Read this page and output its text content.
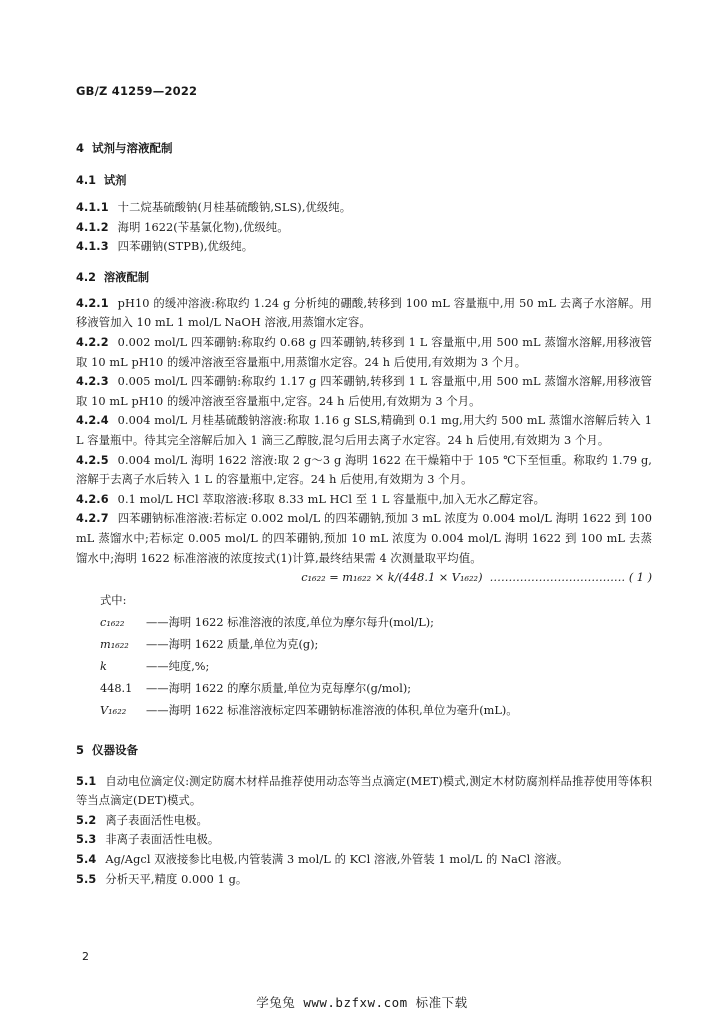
GB/Z 41259—2022
4  试剂与溶液配制
4.1  试剂

4.1.1 十二烷基硫酸钠(月桂基硫酸钠,SLS),优级纯。

4.1.2 海明 1622(苄基氯化物),优级纯。

4.1.3 四苯硼钠(STPB),优级纯。

4.2  溶液配制

4.2.1 pH10 的缓冲溶液:称取约 1.24 g 分析纯的硼酸,转移到 100 mL 容量瓶中,用 50 mL 去离子水溶解。用移液管加入 10 mL 1 mol/L NaOH 溶液,用蒸馏水定容。

4.2.2 0.002 mol/L 四苯硼钠:称取约 0.68 g 四苯硼钠,转移到 1 L 容量瓶中,用 500 mL 蒸馏水溶解,用移液管取 10 mL pH10 的缓冲溶液至容量瓶中,用蒸馏水定容。24 h 后使用,有效期为 3 个月。

4.2.3 0.005 mol/L 四苯硼钠:称取约 1.17 g 四苯硼钠,转移到 1 L 容量瓶中,用 500 mL 蒸馏水溶解,用移液管取 10 mL pH10 的缓冲溶液至容量瓶中,定容。24 h 后使用,有效期为 3 个月。

4.2.4 0.004 mol/L 月桂基硫酸钠溶液:称取 1.16 g SLS,精确到 0.1 mg,用大约 500 mL 蒸馏水溶解后转入 1 L 容量瓶中。待其完全溶解后加入 1 滴三乙醇胺,混匀后用去离子水定容。24 h 后使用,有效期为 3 个月。

4.2.5 0.004 mol/L 海明 1622 溶液:取 2 g～3 g 海明 1622 在干燥箱中于 105 ℃下至恒重。称取约 1.79 g,溶解于去离子水后转入 1 L 的容量瓶中,定容。24 h 后使用,有效期为 3 个月。

4.2.6 0.1 mol/L HCl 萃取溶液:移取 8.33 mL HCl 至 1 L 容量瓶中,加入无水乙醇定容。

4.2.7 四苯硼钠标准溶液:若标定 0.002 mol/L 的四苯硼钠,预加 3 mL 浓度为 0.004 mol/L 海明 1622 到 100 mL 蒸馏水中;若标定 0.005 mol/L 的四苯硼钠,预加 10 mL 浓度为 0.004 mol/L 海明 1622 到 100 mL 去蒸馏水中;海明 1622 标准溶液的浓度按式(1)计算,最终结果需 4 次测量取平均值。

c₁₆₂₂ = m₁₆₂₂ × k/(448.1 × V₁₆₂₂)  ……………………………… ( 1 )

式中:

c₁₆₂₂ ——海明 1622 标准溶液的浓度,单位为摩尔每升(mol/L);

m₁₆₂₂ ——海明 1622 质量,单位为克(g);

k	——纯度,%;

448.1 ——海明 1622 的摩尔质量,单位为克每摩尔(g/mol);

V₁₆₂₂ ——海明 1622 标准溶液标定四苯硼钠标准溶液的体积,单位为毫升(mL)。

5  仪器设备

5.1 自动电位滴定仪:测定防腐木材样品推荐使用动态等当点滴定(MET)模式,测定木材防腐剂样品推荐使用等体积等当点滴定(DET)模式。

5.2 离子表面活性电极。

5.3 非离子表面活性电极。

5.4 Ag/Agcl 双液接参比电极,内管装满 3 mol/L 的 KCl 溶液,外管装 1 mol/L 的 NaCl 溶液。

5.5 分析天平,精度 0.000 1 g。

2
学兔兔 www.bzfxw.com 标准下载
